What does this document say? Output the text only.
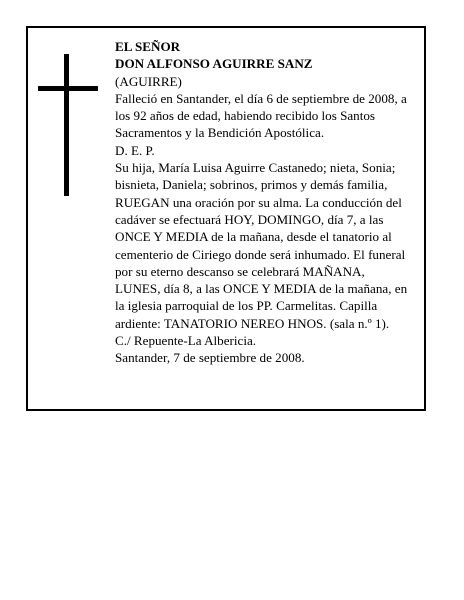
EL SEÑOR
DON ALFONSO AGUIRRE SANZ
(AGUIRRE)
Falleció en Santander, el día 6 de septiembre de 2008, a
los 92 años de edad, habiendo recibido los Santos
Sacramentos y la Bendición Apostólica.
D. E. P.
Su hija, María Luisa Aguirre Castanedo; nieta, Sonia;
bisnieta, Daniela; sobrinos, primos y demás familia,
RUEGAN una oración por su alma. La conducción del
cadáver se efectuará HOY, DOMINGO, día 7, a las
ONCE Y MEDIA de la mañana, desde el tanatorio al
cementerio de Ciriego donde será inhumado. El funeral
por su eterno descanso se celebrará MAÑANA,
LUNES, día 8, a las ONCE Y MEDIA de la mañana, en
la iglesia parroquial de los PP. Carmelitas. Capilla
ardiente: TANATORIO NEREO HNOS. (sala n.º 1).
C./ Repuente-La Albericia.
Santander, 7 de septiembre de 2008.
